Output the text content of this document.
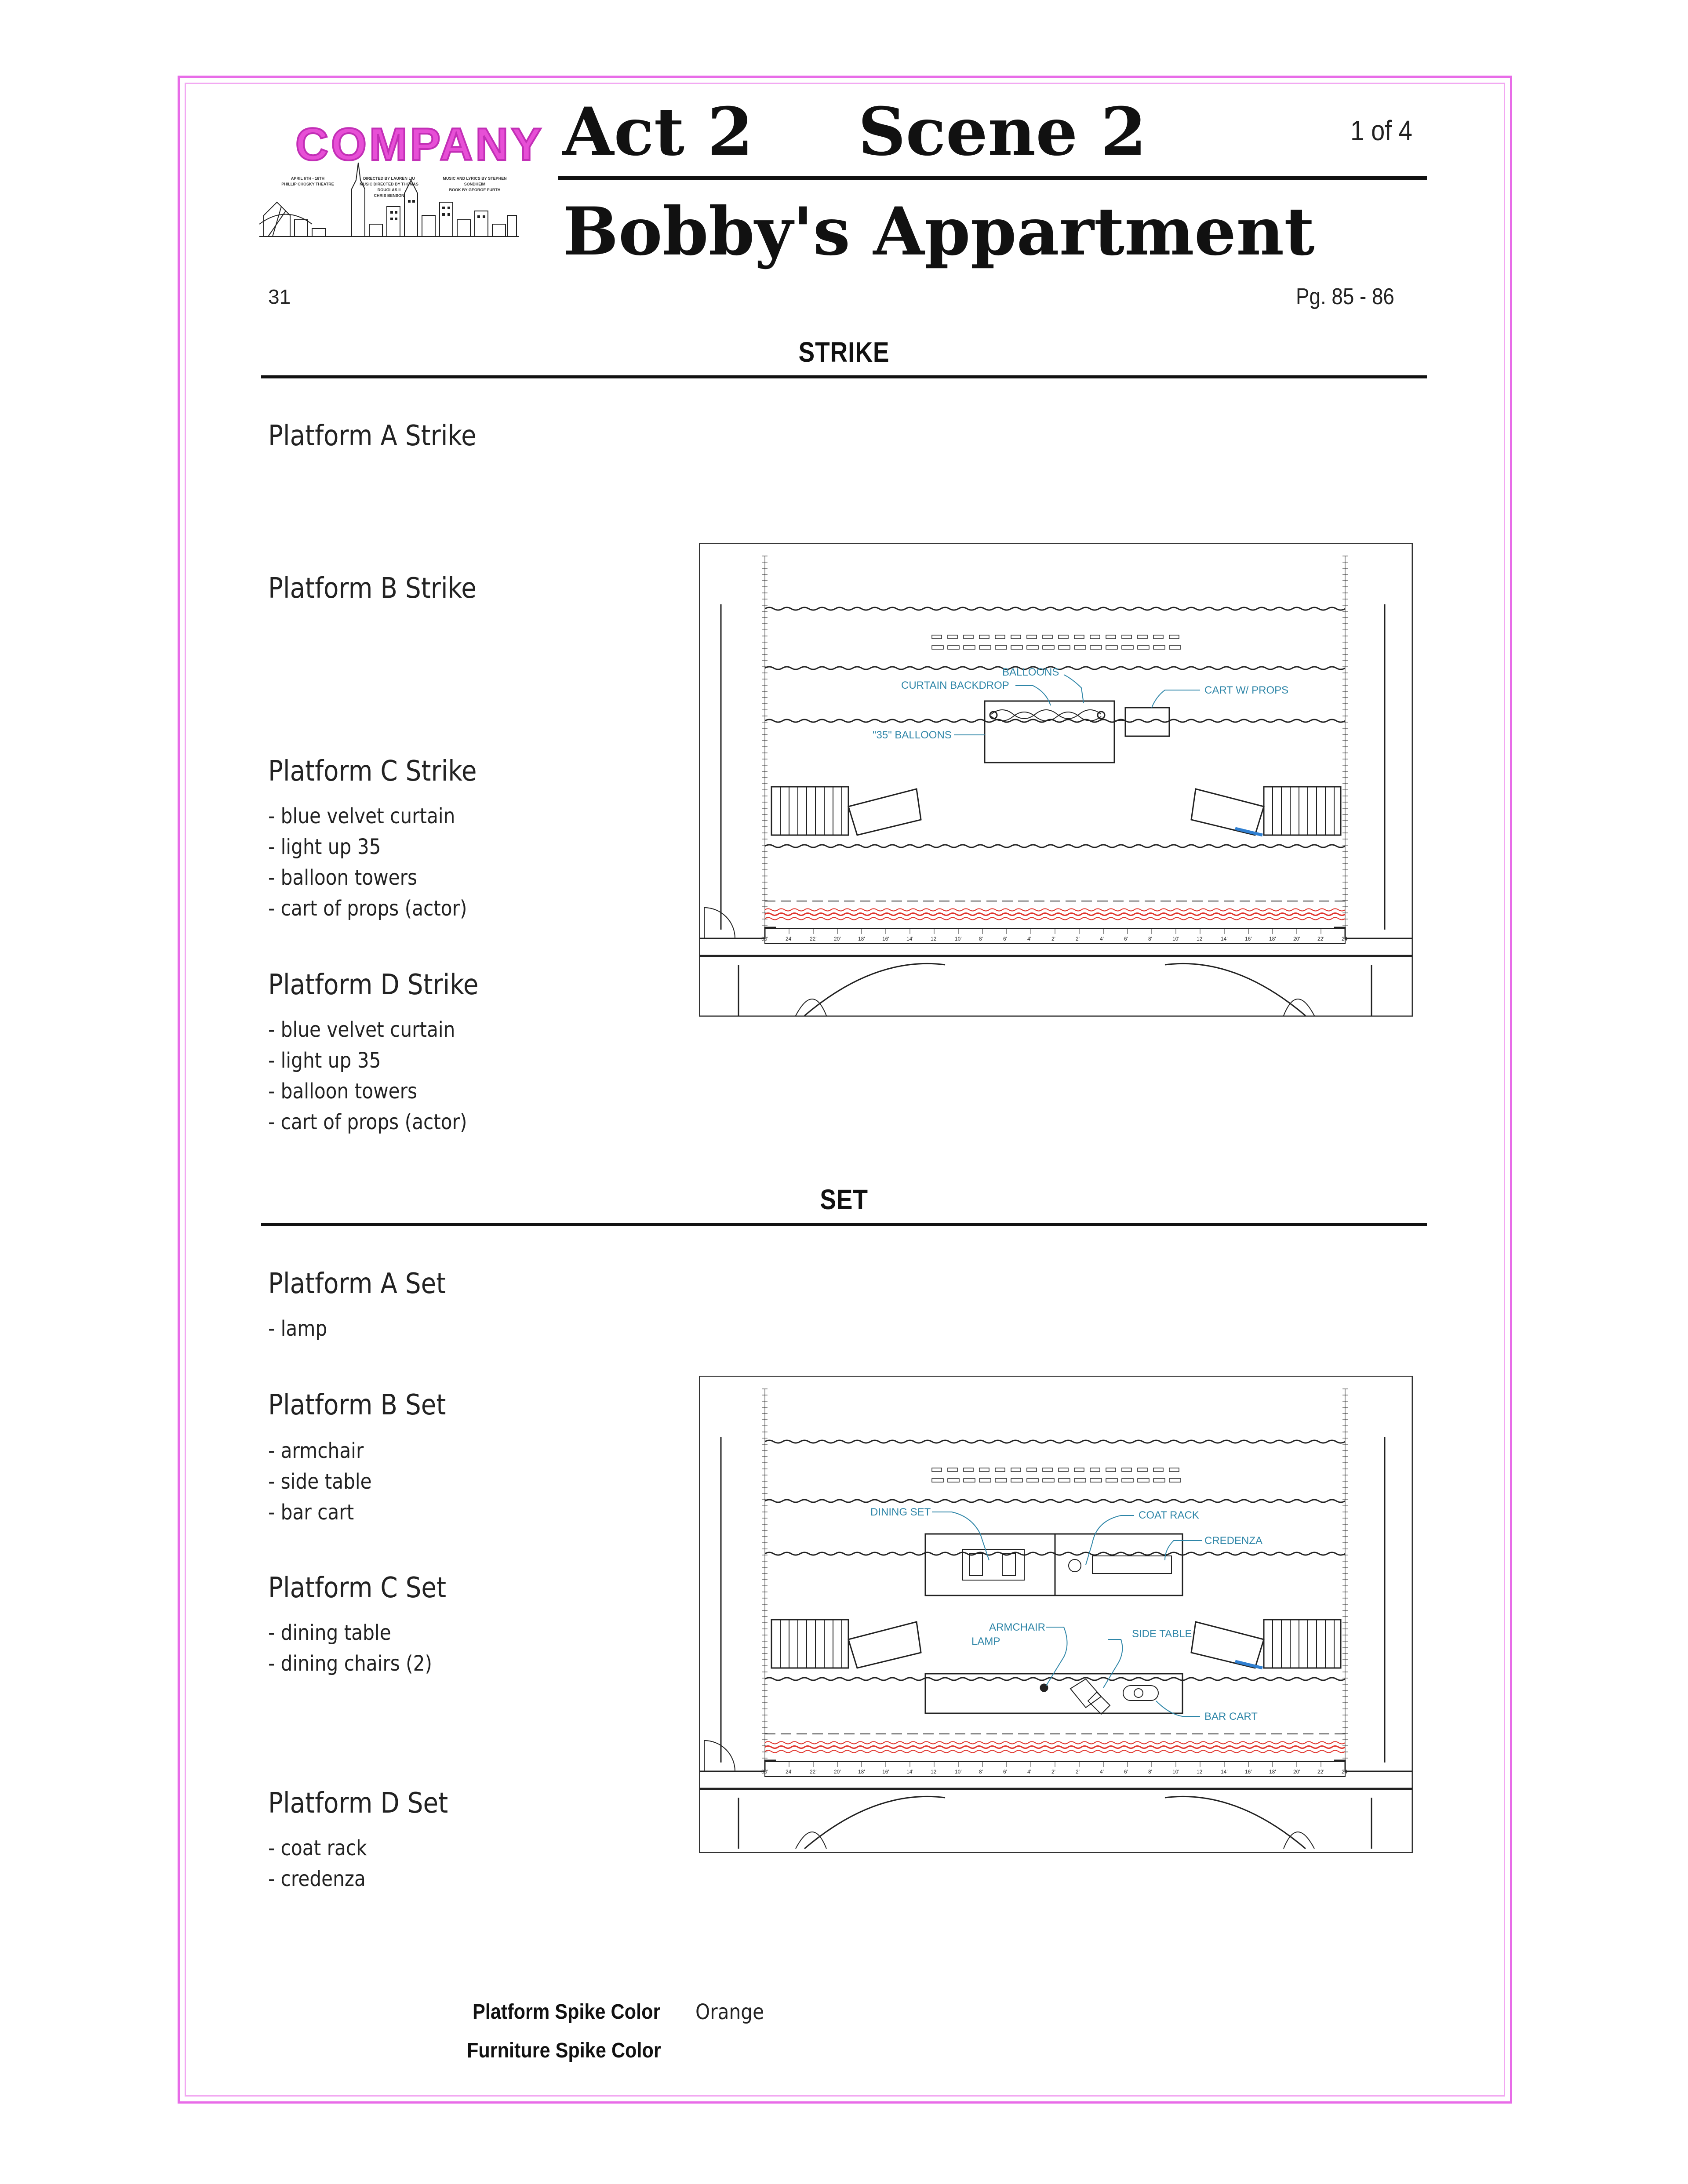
COMPANY
APRIL 6TH - 16TH
PHILLIP CHOSKY THEATRE
DIRECTED BY LAUREN LIU
MUSIC DIRECTED BY THOMAS DOUGLAS II
CHRIS BENSON
MUSIC AND LYRICS BY STEPHEN SONDHEIM
BOOK BY GEORGE FURTH
Act 2 Scene 2	1 of 4
Bobby's Appartment
31	Pg. 85 - 86
STRIKE
Platform A Strike
Platform B Strike
Platform C Strike
- blue velvet curtain
- light up 35
- balloon towers
- cart of props (actor)
Platform D Strike
- blue velvet curtain
- light up 35
- balloon towers
- cart of props (actor)
30'	24'	22'	20'	18'	16'	14'	12'	10'	8'	6'	4'	2'	2'	4'	6'	8'	10'	12'	14'	16'	18'	20'	22'	24'
BALLOONS
CURTAIN BACKDROP	CART W/ PROPS
"35" BALLOONS
SET
Platform A Set
- lamp
Platform B Set
- armchair
- side table
- bar cart
Platform C Set
- dining table
- dining chairs (2)
Platform D Set
- coat rack
- credenza
30'	24'	22'	20'	18'	16'	14'	12'	10'	8'	6'	4'	2'	2'	4'	6'	8'	10'	12'	14'	16'	18'	20'	22'	24'
DINING SET	COAT RACK
CREDENZA
ARMCHAIR
LAMP
SIDE TABLE
BAR CART
Platform Spike Color Orange
Furniture Spike Color
